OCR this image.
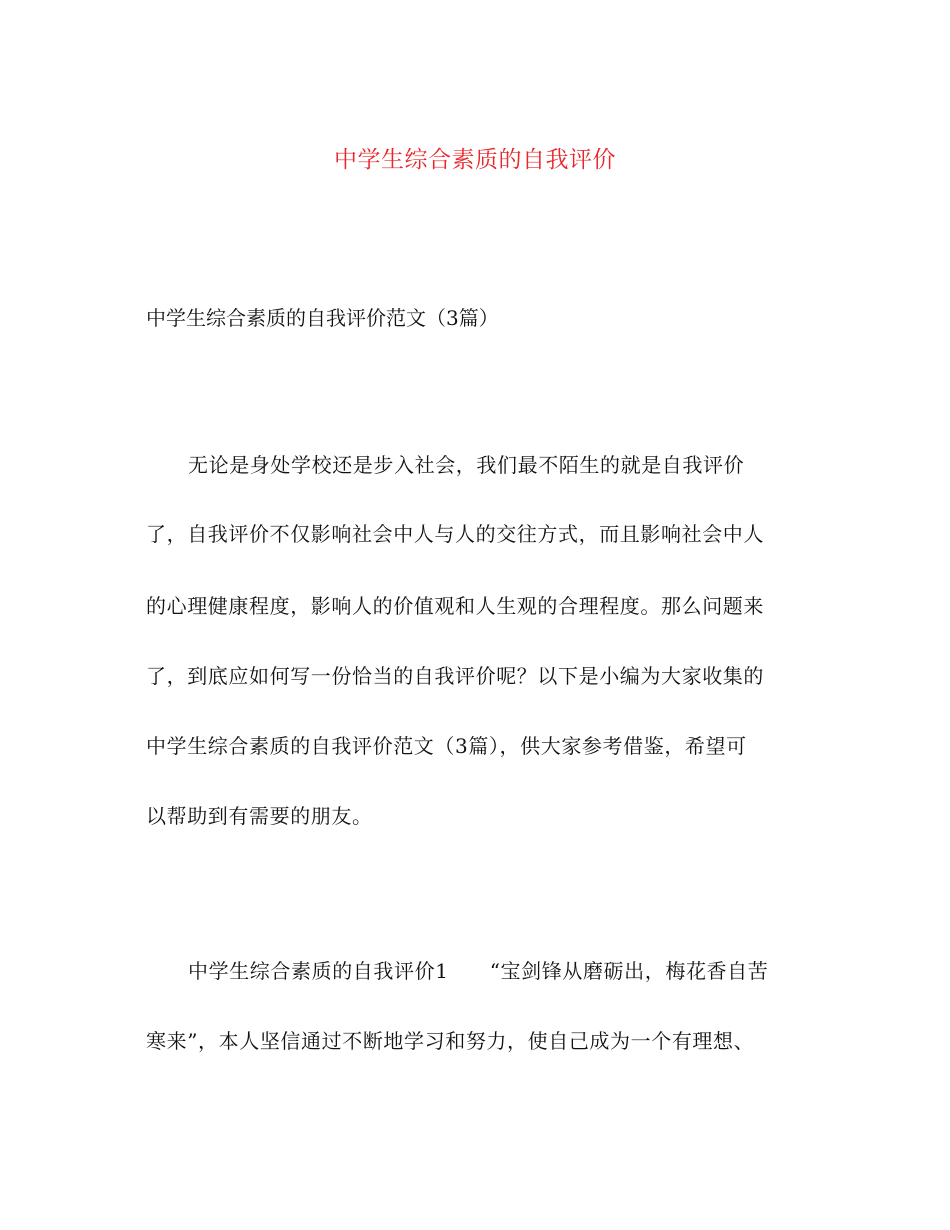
中学生综合素质的自我评价
中学生综合素质的自我评价范文（3篇）
无论是身处学校还是步入社会，我们最不陌生的就是自我评价
了，自我评价不仅影响社会中人与人的交往方式，而且影响社会中人
的心理健康程度，影响人的价值观和人生观的合理程度。那么问题来
了，到底应如何写一份恰当的自我评价呢？以下是小编为大家收集的
中学生综合素质的自我评价范文（3篇），供大家参考借鉴，希望可
以帮助到有需要的朋友。
中学生综合素质的自我评价1　　“宝剑锋从磨砺出，梅花香自苦
寒来”，本人坚信通过不断地学习和努力，使自己成为一个有理想、
